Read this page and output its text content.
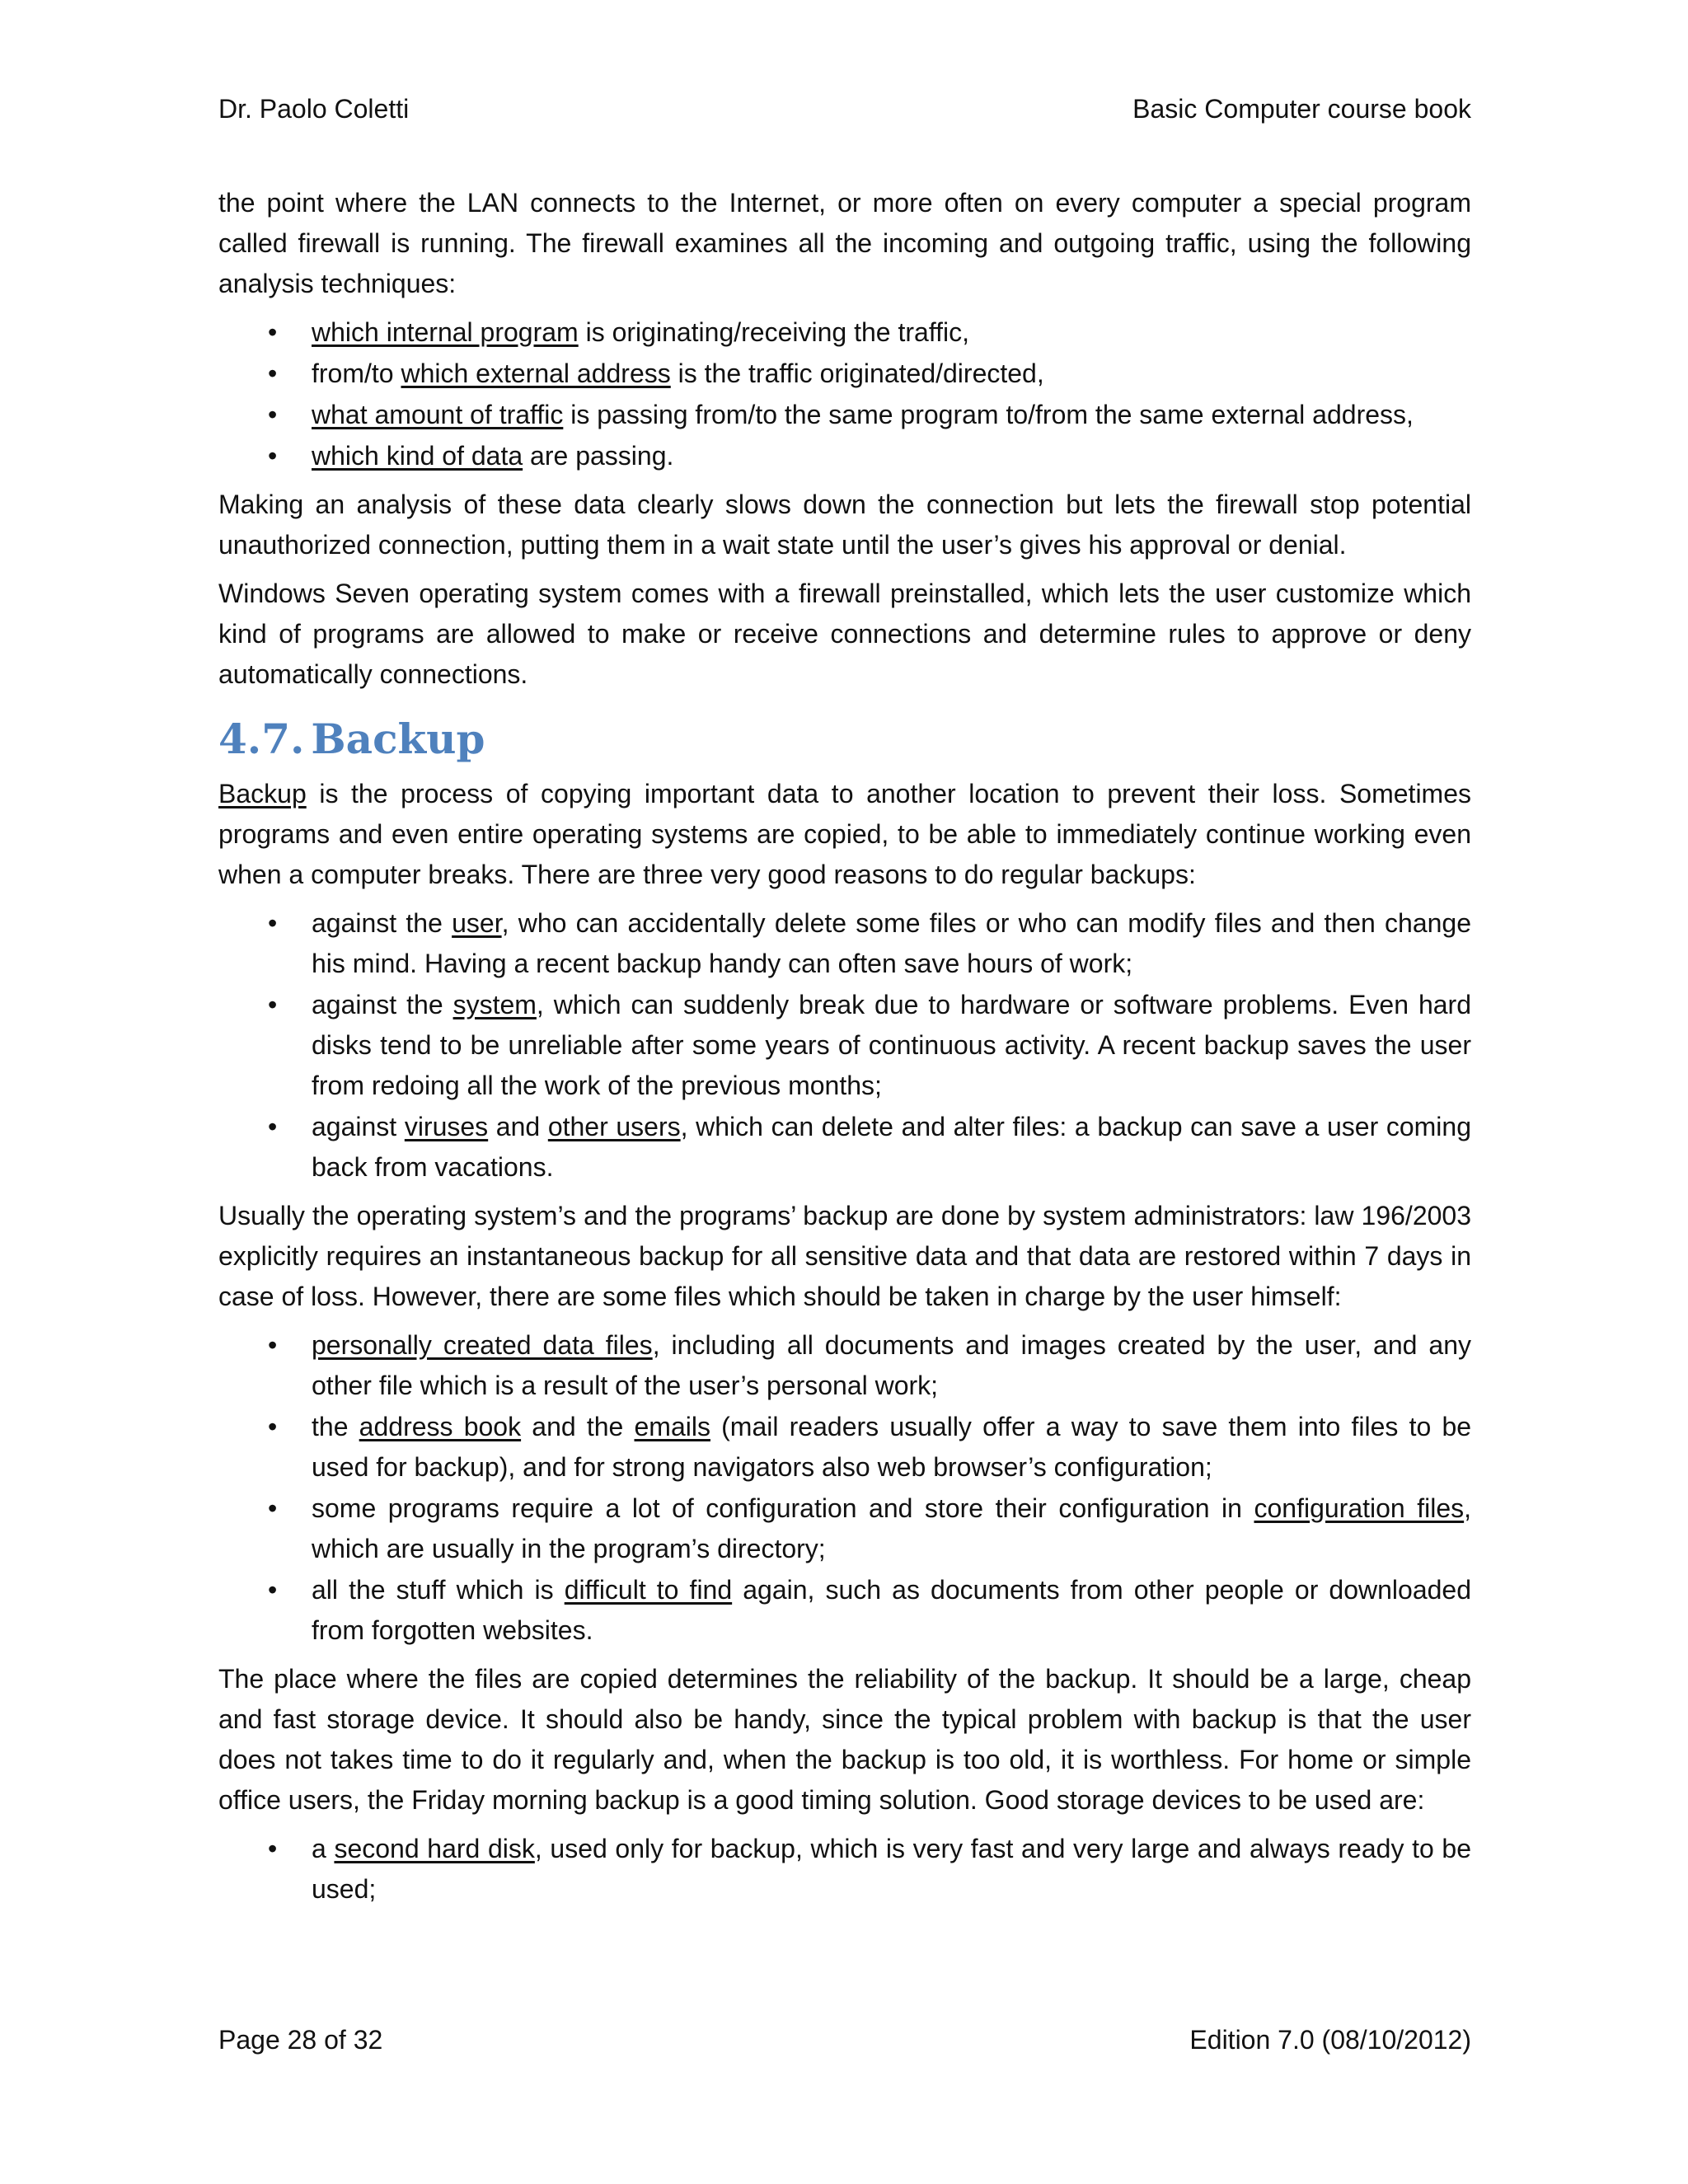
Dr. Paolo Coletti	Basic Computer course book

the point where the LAN connects to the Internet, or more often on every computer a special program called firewall is running. The firewall examines all the incoming and outgoing traffic, using the following analysis techniques:

• which internal program is originating/receiving the traffic,
• from/to which external address is the traffic originated/directed,
• what amount of traffic is passing from/to the same program to/from the same external address,
• which kind of data are passing.

Making an analysis of these data clearly slows down the connection but lets the firewall stop potential unauthorized connection, putting them in a wait state until the user’s gives his approval or denial.

Windows Seven operating system comes with a firewall preinstalled, which lets the user customize which kind of programs are allowed to make or receive connections and determine rules to approve or deny automatically connections.

4.7. Backup

Backup is the process of copying important data to another location to prevent their loss. Sometimes programs and even entire operating systems are copied, to be able to immediately continue working even when a computer breaks. There are three very good reasons to do regular backups:

• against the user, who can accidentally delete some files or who can modify files and then change his mind. Having a recent backup handy can often save hours of work;
• against the system, which can suddenly break due to hardware or software problems. Even hard disks tend to be unreliable after some years of continuous activity. A recent backup saves the user from redoing all the work of the previous months;
• against viruses and other users, which can delete and alter files: a backup can save a user coming back from vacations.

Usually the operating system’s and the programs’ backup are done by system administrators: law 196/2003 explicitly requires an instantaneous backup for all sensitive data and that data are restored within 7 days in case of loss. However, there are some files which should be taken in charge by the user himself:

• personally created data files, including all documents and images created by the user, and any other file which is a result of the user’s personal work;
• the address book and the emails (mail readers usually offer a way to save them into files to be used for backup), and for strong navigators also web browser’s configuration;
• some programs require a lot of configuration and store their configuration in configuration files, which are usually in the program’s directory;
• all the stuff which is difficult to find again, such as documents from other people or downloaded from forgotten websites.

The place where the files are copied determines the reliability of the backup. It should be a large, cheap and fast storage device. It should also be handy, since the typical problem with backup is that the user does not takes time to do it regularly and, when the backup is too old, it is worthless. For home or simple office users, the Friday morning backup is a good timing solution. Good storage devices to be used are:

• a second hard disk, used only for backup, which is very fast and very large and always ready to be used;
Page 28 of 32	Edition 7.0 (08/10/2012)
